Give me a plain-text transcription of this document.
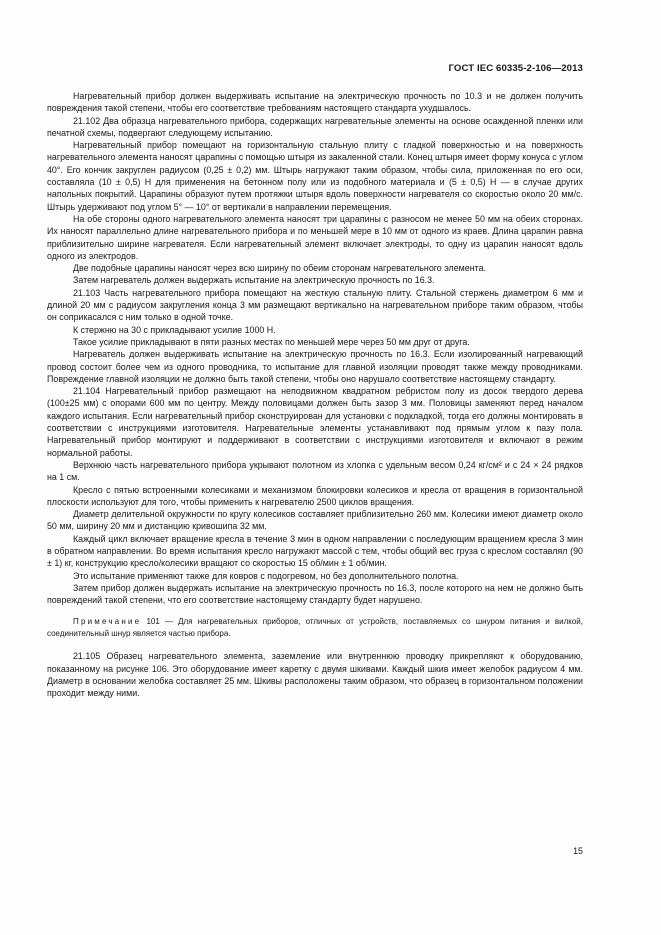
ГОСТ IEC 60335-2-106—2013

Нагревательный прибор должен выдерживать испытание на электрическую прочность по 10.3 и не должен получить повреждения такой степени, чтобы его соответствие требованиям настоящего стандарта ухудшалось.

21.102 Два образца нагревательного прибора, содержащих нагревательные элементы на основе осажденной пленки или печатной схемы, подвергают следующему испытанию.

Нагревательный прибор помещают на горизонтальную стальную плиту с гладкой поверхностью и на поверхность нагревательного элемента наносят царапины с помощью штыря из закаленной стали. Конец штыря имеет форму конуса с углом 40°. Его кончик закруглен радиусом (0,25 ± 0,2) мм. Штырь нагружают таким образом, чтобы сила, приложенная по его оси, составляла (10 ± 0,5) Н для применения на бетонном полу или из подобного материала и (5 ± 0,5) Н — в случае других напольных покрытий. Царапины образуют путем протяжки штыря вдоль поверхности нагревателя со скоростью около 20 мм/с. Штырь удерживают под углом 5° — 10° от вертикали в направлении перемещения.

На обе стороны одного нагревательного элемента наносят три царапины с разносом не менее 50 мм на обеих сторонах. Их наносят параллельно длине нагревательного прибора и по меньшей мере в 10 мм от одного из краев. Длина царапин равна приблизительно ширине нагревателя. Если нагревательный элемент включает электроды, то одну из царапин наносят вдоль одного из электродов.

Две подобные царапины наносят через всю ширину по обеим сторонам нагревательного элемента.

Затем нагреватель должен выдержать испытание на электрическую прочность по 16.3.

21.103 Часть нагревательного прибора помещают на жесткую стальную плиту. Стальной стержень диаметром 6 мм и длиной 20 мм с радиусом закругления конца 3 мм размещают вертикально на нагревательном приборе таким образом, чтобы он соприкасался с ним только в одной точке.

К стержню на 30 с прикладывают усилие 1000 Н.

Такое усилие прикладывают в пяти разных местах по меньшей мере через 50 мм друг от друга.

Нагреватель должен выдерживать испытание на электрическую прочность по 16.3. Если изолированный нагревающий провод состоит более чем из одного проводника, то испытание для главной изоляции проводят также между проводниками. Повреждение главной изоляции не должно быть такой степени, чтобы оно нарушало соответствие настоящему стандарту.

21.104 Нагревательный прибор размещают на неподвижном квадратном ребристом полу из досок твердого дерева (100±25 мм) с опорами 600 мм по центру. Между половицами должен быть зазор 3 мм. Половицы заменяют перед началом каждого испытания. Если нагревательный прибор сконструирован для установки с подкладкой, тогда его должны монтировать в соответствии с инструкциями изготовителя. Нагревательные элементы устанавливают под прямым углом к пазу пола. Нагревательный прибор монтируют и поддерживают в соответствии с инструкциями изготовителя и включают в режим нормальной работы.

Верхнюю часть нагревательного прибора укрывают полотном из хлопка с удельным весом 0,24 кг/см² и с 24 × 24 рядков на 1 см.

Кресло с пятью встроенными колесиками и механизмом блокировки колесиков и кресла от вращения в горизонтальной плоскости используют для того, чтобы применить к нагревателю 2500 циклов вращения.

Диаметр делительной окружности по кругу колесиков составляет приблизительно 260 мм. Колесики имеют диаметр около 50 мм, ширину 20 мм и дистанцию кривошипа 32 мм.

Каждый цикл включает вращение кресла в течение 3 мин в одном направлении с последующим вращением кресла 3 мин в обратном направлении. Во время испытания кресло нагружают массой с тем, чтобы общий вес груза с креслом составлял (90 ± 1) кг, конструкцию кресло/колесики вращают со скоростью 15 об/мин ± 1 об/мин.

Это испытание применяют также для ковров с подогревом, но без дополнительного полотна.

Затем прибор должен выдержать испытание на электрическую прочность по 16.3, после которого на нем не должно быть повреждений такой степени, что его соответствие настоящему стандарту будет нарушено.

Примечание 101 — Для нагревательных приборов, отличных от устройств, поставляемых со шнуром питания и вилкой, соединительный шнур является частью прибора.

21.105 Образец нагревательного элемента, заземление или внутреннюю проводку прикрепляют к оборудованию, показанному на рисунке 106. Это оборудование имеет каретку с двумя шкивами. Каждый шкив имеет желобок радиусом 4 мм. Диаметр в основании желобка составляет 25 мм. Шкивы расположены таким образом, что образец в горизонтальном положении проходит между ними.

15
